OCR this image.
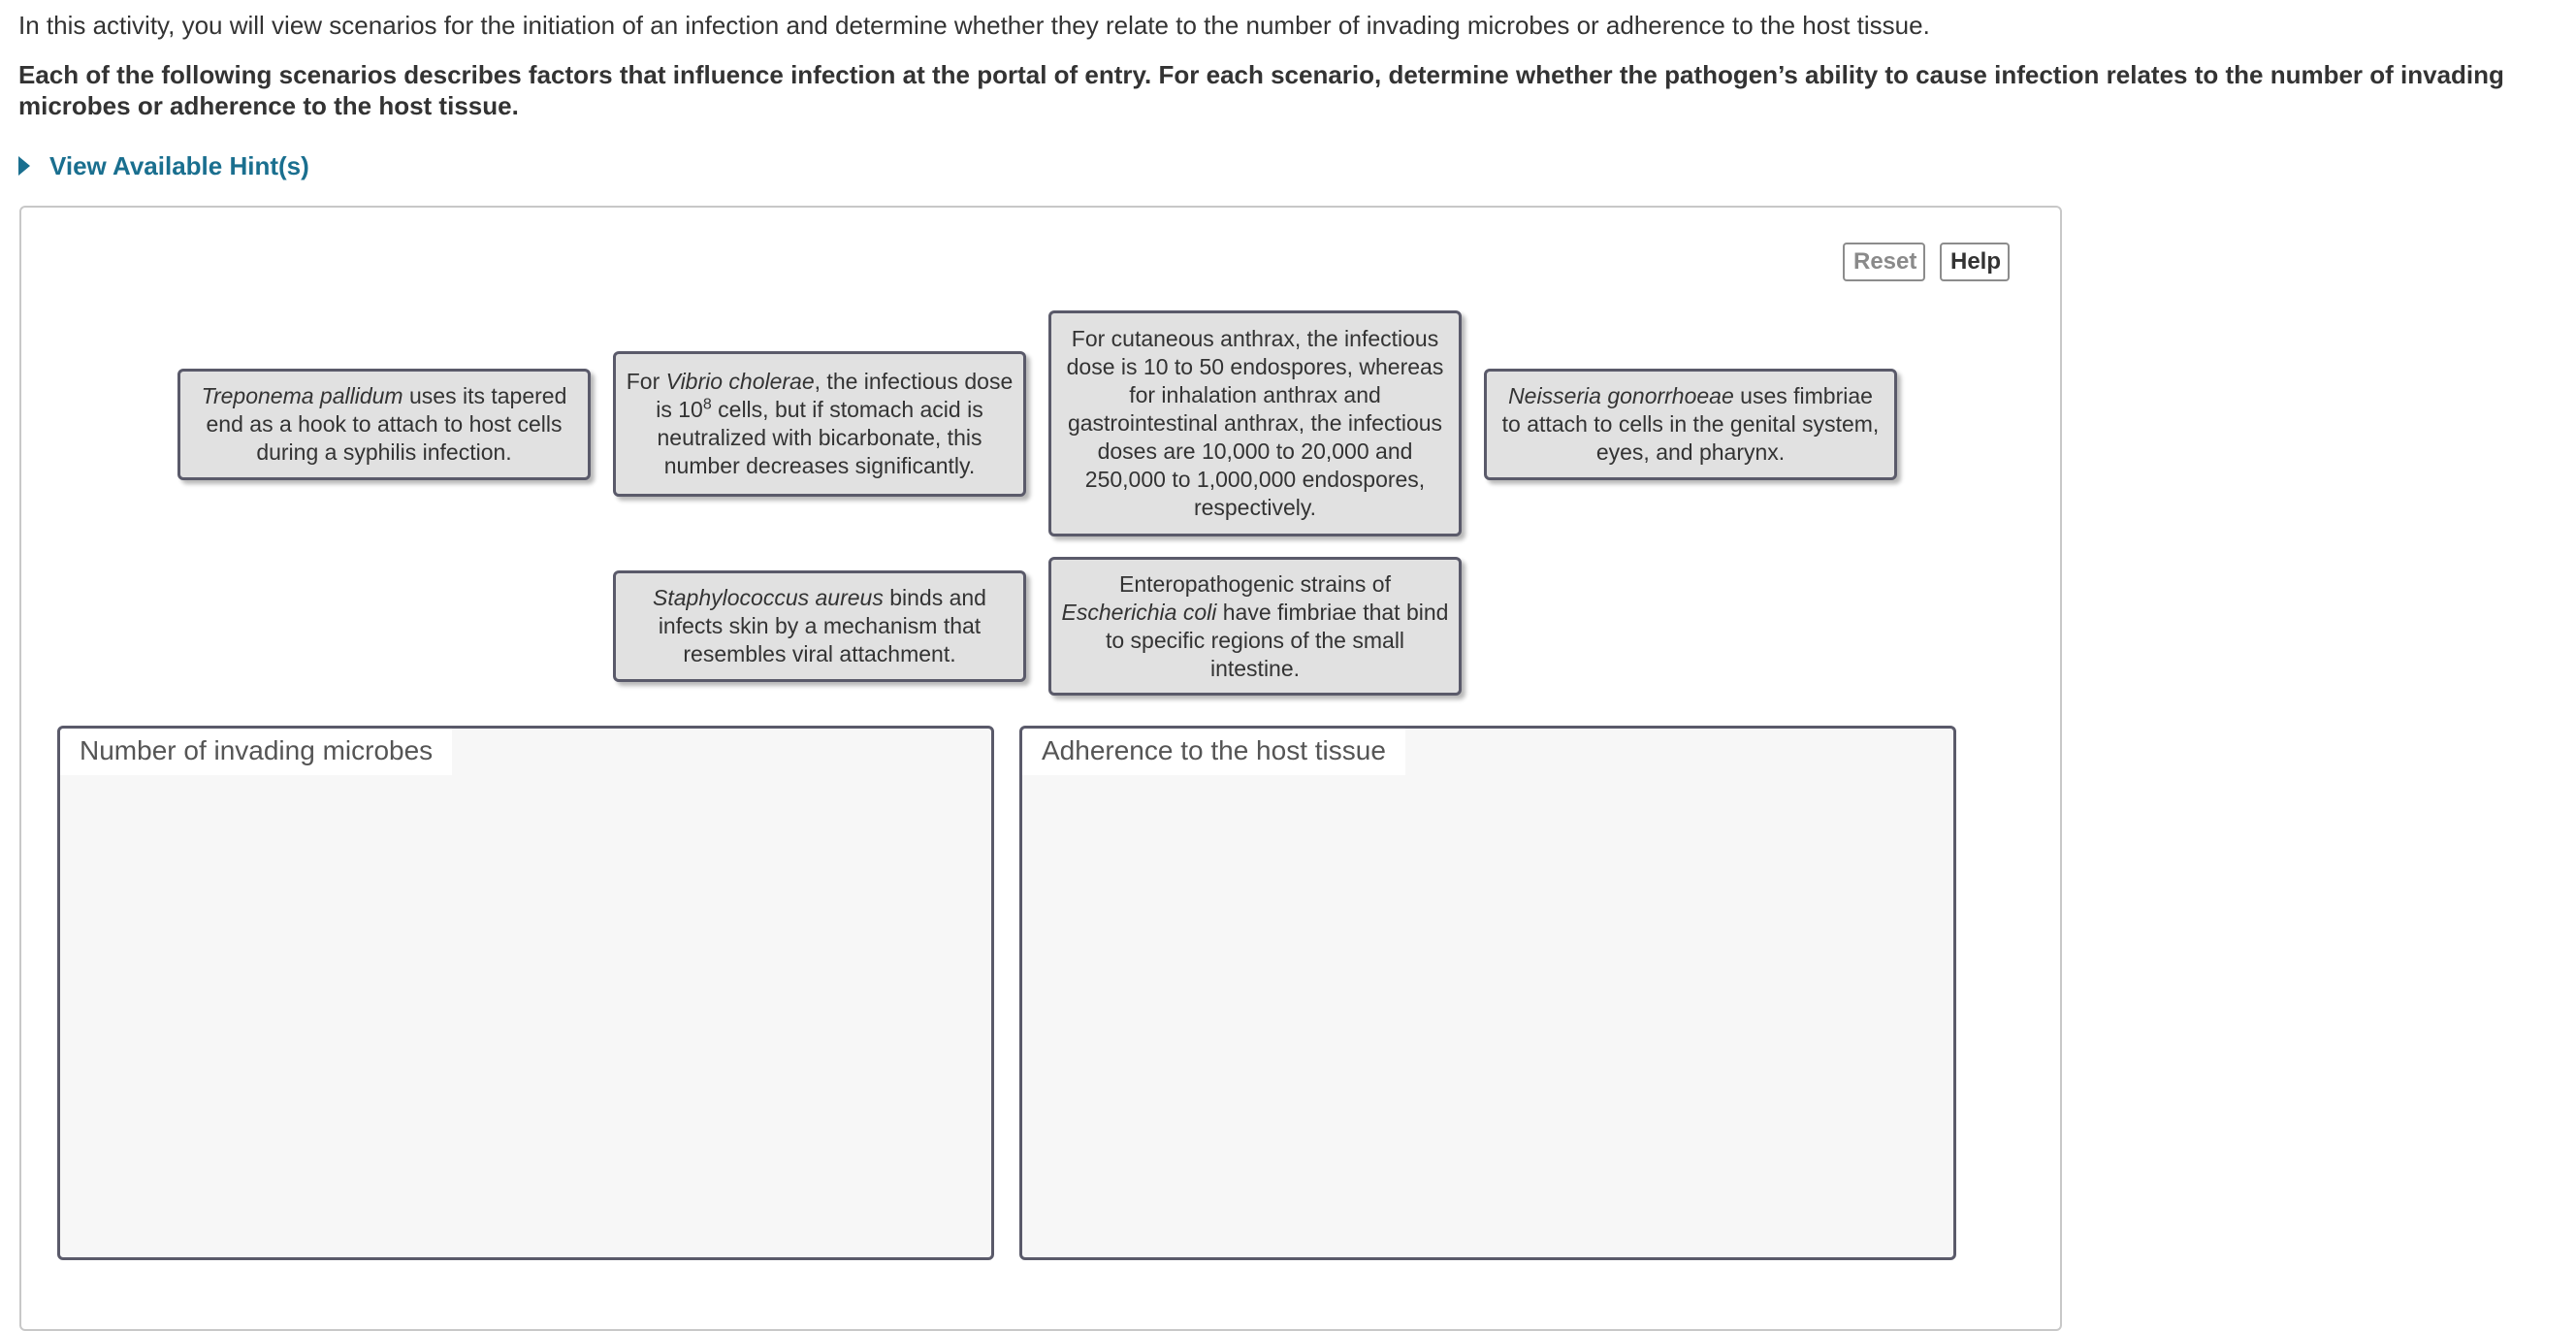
In this activity, you will view scenarios for the initiation of an infection and determine whether they relate to the number of invading microbes or adherence to the host tissue.
Each of the following scenarios describes factors that influence infection at the portal of entry. For each scenario, determine whether the pathogen’s ability to cause infection relates to the number of invading microbes or adherence to the host tissue.
View Available Hint(s)
Reset	Help
Treponema pallidum uses its tapered end as a hook to attach to host cells during a syphilis infection.
For Vibrio cholerae, the infectious dose is $10^8$ cells, but if stomach acid is neutralized with bicarbonate, this number decreases significantly.
For cutaneous anthrax, the infectious dose is 10 to 50 endospores, whereas for inhalation anthrax and gastrointestinal anthrax, the infectious doses are 10,000 to 20,000 and 250,000 to 1,000,000 endospores, respectively.
Neisseria gonorrhoeae uses fimbriae to attach to cells in the genital system, eyes, and pharynx.
Staphylococcus aureus binds and infects skin by a mechanism that resembles viral attachment.
Enteropathogenic strains of Escherichia coli have fimbriae that bind to specific regions of the small intestine.
Number of invading microbes	Adherence to the host tissue
